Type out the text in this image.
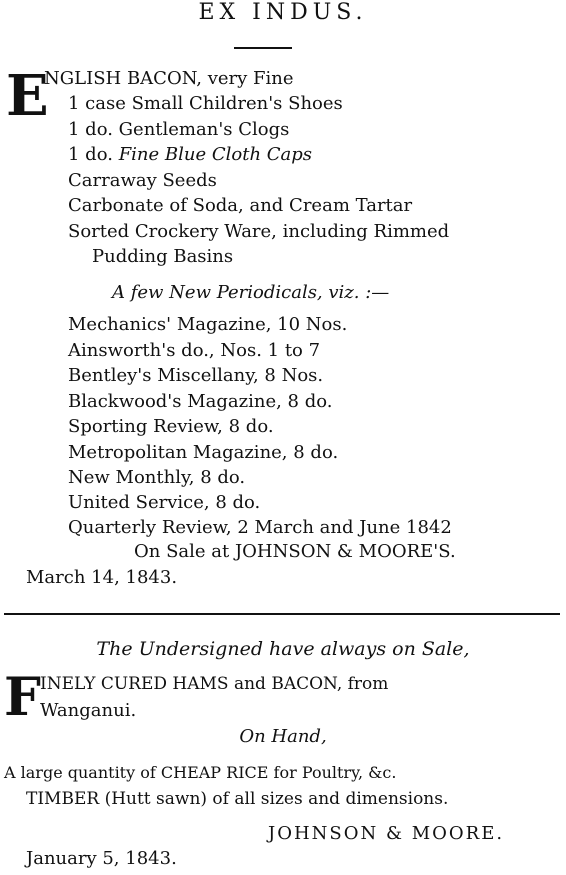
EX INDUS.
E
NGLISH BACON, very Fine
1 case Small Children's Shoes
1 do. Gentleman's Clogs
1 do. Fine Blue Cloth Caps
Carraway Seeds
Carbonate of Soda, and Cream Tartar
Sorted Crockery Ware, including Rimmed
Pudding Basins
A few New Periodicals, viz. :—
Mechanics' Magazine, 10 Nos.
Ainsworth's do., Nos. 1 to 7
Bentley's Miscellany, 8 Nos.
Blackwood's Magazine, 8 do.
Sporting Review, 8 do.
Metropolitan Magazine, 8 do.
New Monthly, 8 do.
United Service, 8 do.
Quarterly Review, 2 March and June 1842
On Sale at JOHNSON & MOORE'S.
March 14, 1843.
The Undersigned have always on Sale,
F INELY CURED HAMS and BACON, from
Wanganui.
On Hand,
A large quantity of CHEAP RICE for Poultry, &c.
TIMBER (Hutt sawn) of all sizes and dimensions.
JOHNSON & MOORE.
January 5, 1843.
